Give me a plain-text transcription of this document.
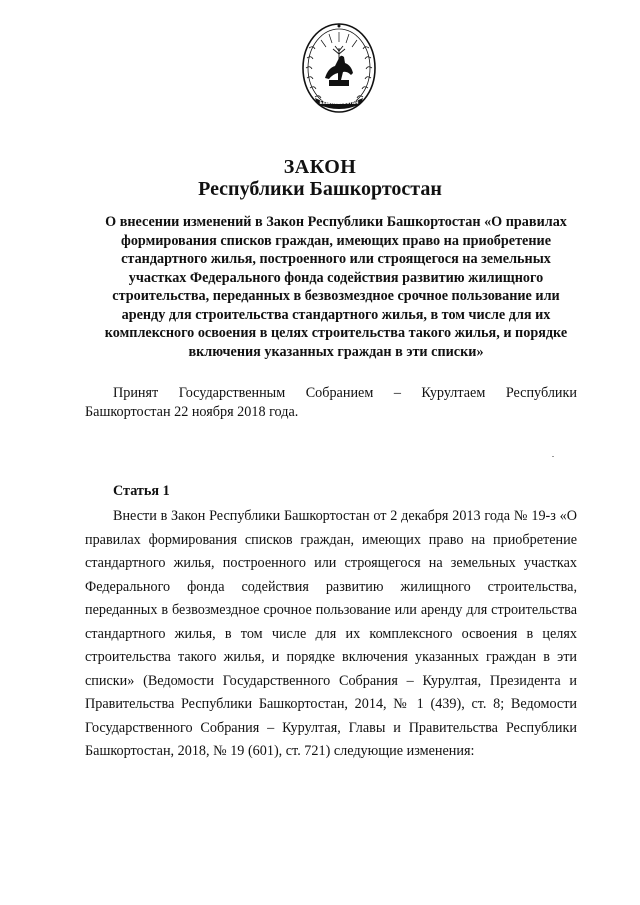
БАШКОРТОСТАН
ЗАКОН
Республики Башкортостан
О внесении изменений в Закон Республики Башкортостан «О правилах формирования списков граждан, имеющих право на приобретение стандартного жилья, построенного или строящегося на земельных участках Федерального фонда содействия развитию жилищного строительства, переданных в безвозмездное срочное пользование или аренду для строительства стандартного жилья, в том числе для их комплексного освоения в целях строительства такого жилья, и порядке включения указанных граждан в эти списки»
Принят Государственным Собранием – Курултаем Республики Башкортостан 22 ноября 2018 года.
Статья 1
Внести в Закон Республики Башкортостан от 2 декабря 2013 года № 19-з «О правилах формирования списков граждан, имеющих право на приобретение стандартного жилья, построенного или строящегося на земельных участках Федерального фонда содействия развитию жилищного строительства, переданных в безвозмездное срочное пользование или аренду для строительства стандартного жилья, в том числе для их комплексного освоения в целях строительства такого жилья, и порядке включения указанных граждан в эти списки» (Ведомости Государственного Собрания – Курултая, Президента и Правительства Республики Башкортостан, 2014, № 1 (439), ст. 8; Ведомости Государственного Собрания – Курултая, Главы и Правительства Республики Башкортостан, 2018, № 19 (601), ст. 721) следующие изменения:
